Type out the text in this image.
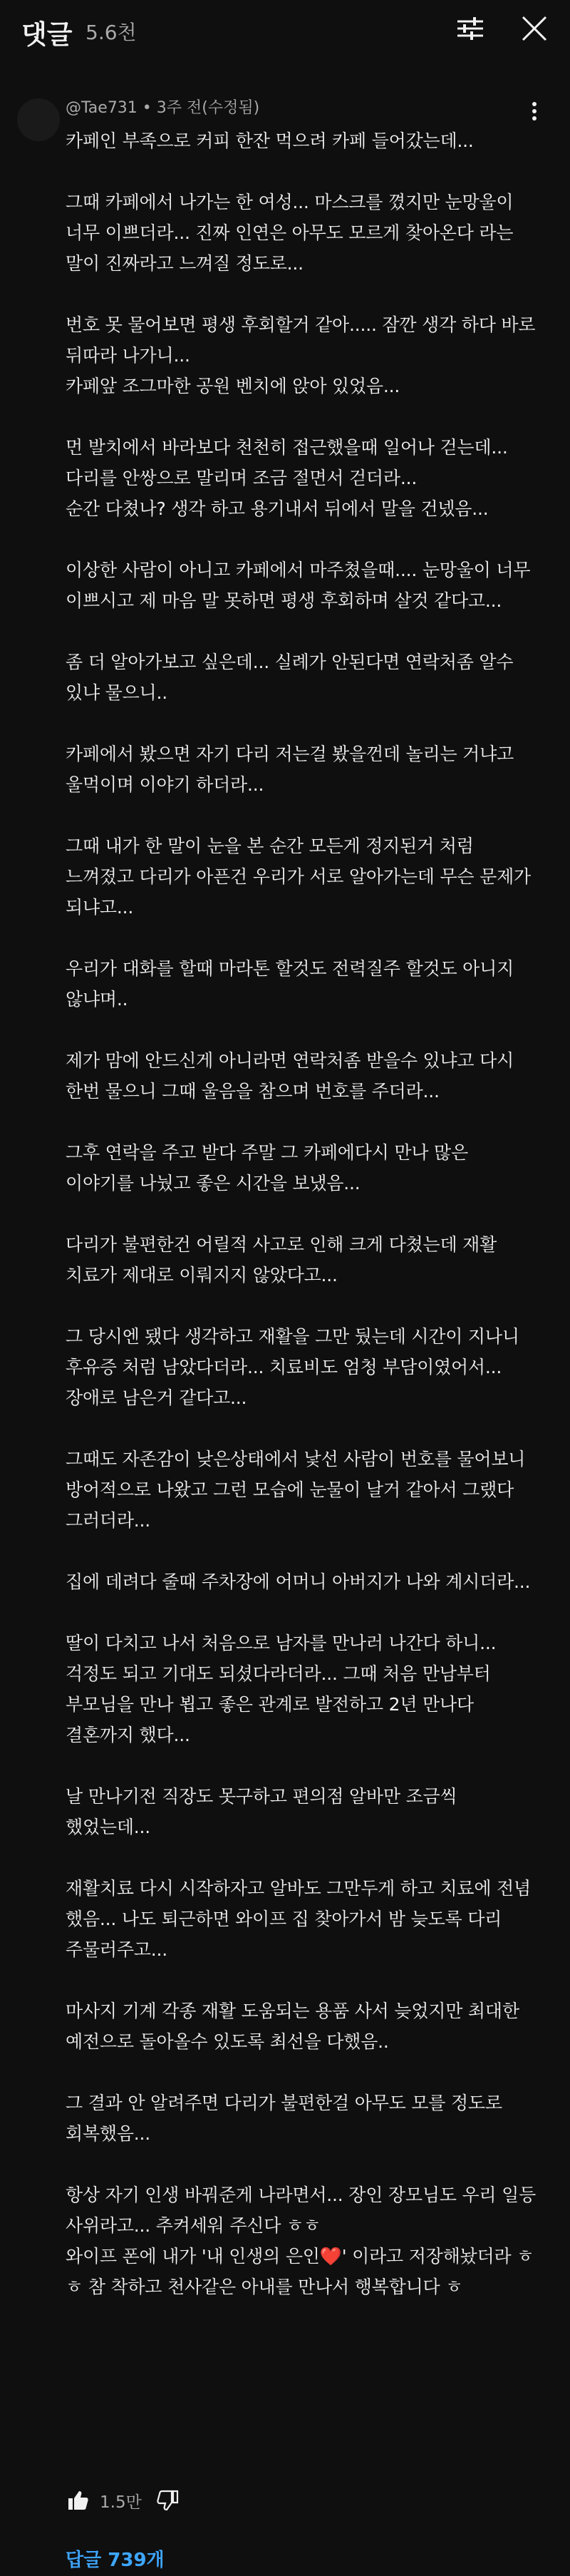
댓글 5.6천
@Tae731 • 3주 전(수정됨)
카페인 부족으로 커피 한잔 먹으려 카페 들어갔는데...
그때 카페에서 나가는 한 여성... 마스크를 꼈지만 눈망울이
너무 이쁘더라... 진짜 인연은 아무도 모르게 찾아온다 라는
말이 진짜라고 느껴질 정도로...
번호 못 물어보면 평생 후회할거 같아..... 잠깐 생각 하다 바로
뒤따라 나가니...
카페앞 조그마한 공원 벤치에 앉아 있었음...
먼 발치에서 바라보다 천천히 접근했을때 일어나 걷는데...
다리를 안쌍으로 말리며 조금 절면서 걷더라...
순간 다쳤나? 생각 하고 용기내서 뒤에서 말을 건넸음...
이상한 사람이 아니고 카페에서 마주쳤을때.... 눈망울이 너무
이쁘시고 제 마음 말 못하면 평생 후회하며 살것 같다고...
좀 더 알아가보고 싶은데... 실례가 안된다면 연락처좀 알수
있냐 물으니..
카페에서 봤으면 자기 다리 저는걸 봤을껀데 놀리는 거냐고
울먹이며 이야기 하더라...
그때 내가 한 말이 눈을 본 순간 모든게 정지된거 처럼
느껴졌고 다리가 아픈건 우리가 서로 알아가는데 무슨 문제가
되냐고...
우리가 대화를 할때 마라톤 할것도 전력질주 할것도 아니지
않냐며..
제가 맘에 안드신게 아니라면 연락처좀 받을수 있냐고 다시
한번 물으니 그때 울음을 참으며 번호를 주더라...
그후 연락을 주고 받다 주말 그 카페에다시 만나 많은
이야기를 나눴고 좋은 시간을 보냈음...
다리가 불편한건 어릴적 사고로 인해 크게 다쳤는데 재활
치료가 제대로 이뤄지지 않았다고...
그 당시엔 됐다 생각하고 재활을 그만 뒀는데 시간이 지나니
후유증 처럼 남았다더라... 치료비도 엄청 부담이였어서...
장애로 남은거 같다고...
그때도 자존감이 낮은상태에서 낯선 사람이 번호를 물어보니
방어적으로 나왔고 그런 모습에 눈물이 날거 같아서 그랬다
그러더라...
집에 데려다 줄때 주차장에 어머니 아버지가 나와 계시더라...
딸이 다치고 나서 처음으로 남자를 만나러 나간다 하니...
걱정도 되고 기대도 되셨다라더라... 그때 처음 만남부터
부모님을 만나 뵙고 좋은 관계로 발전하고 2년 만나다
결혼까지 했다...
날 만나기전 직장도 못구하고 편의점 알바만 조금씩
했었는데...
재활치료 다시 시작하자고 알바도 그만두게 하고 치료에 전념
했음... 나도 퇴근하면 와이프 집 찾아가서 밤 늦도록 다리
주물러주고...
마사지 기계 각종 재활 도움되는 용품 사서 늦었지만 최대한
예전으로 돌아올수 있도록 최선을 다했음..
그 결과 안 알려주면 다리가 불편한걸 아무도 모를 정도로
회복했음...
항상 자기 인생 바꿔준게 나라면서... 장인 장모님도 우리 일등
사위라고... 추켜세워 주신다 ㅎㅎ
와이프 폰에 내가 '내 인생의 은인❤️' 이라고 저장해놨더라 ㅎ
ㅎ 참 착하고 천사같은 아내를 만나서 행복합니다 ㅎ
1.5만
답글 739개
